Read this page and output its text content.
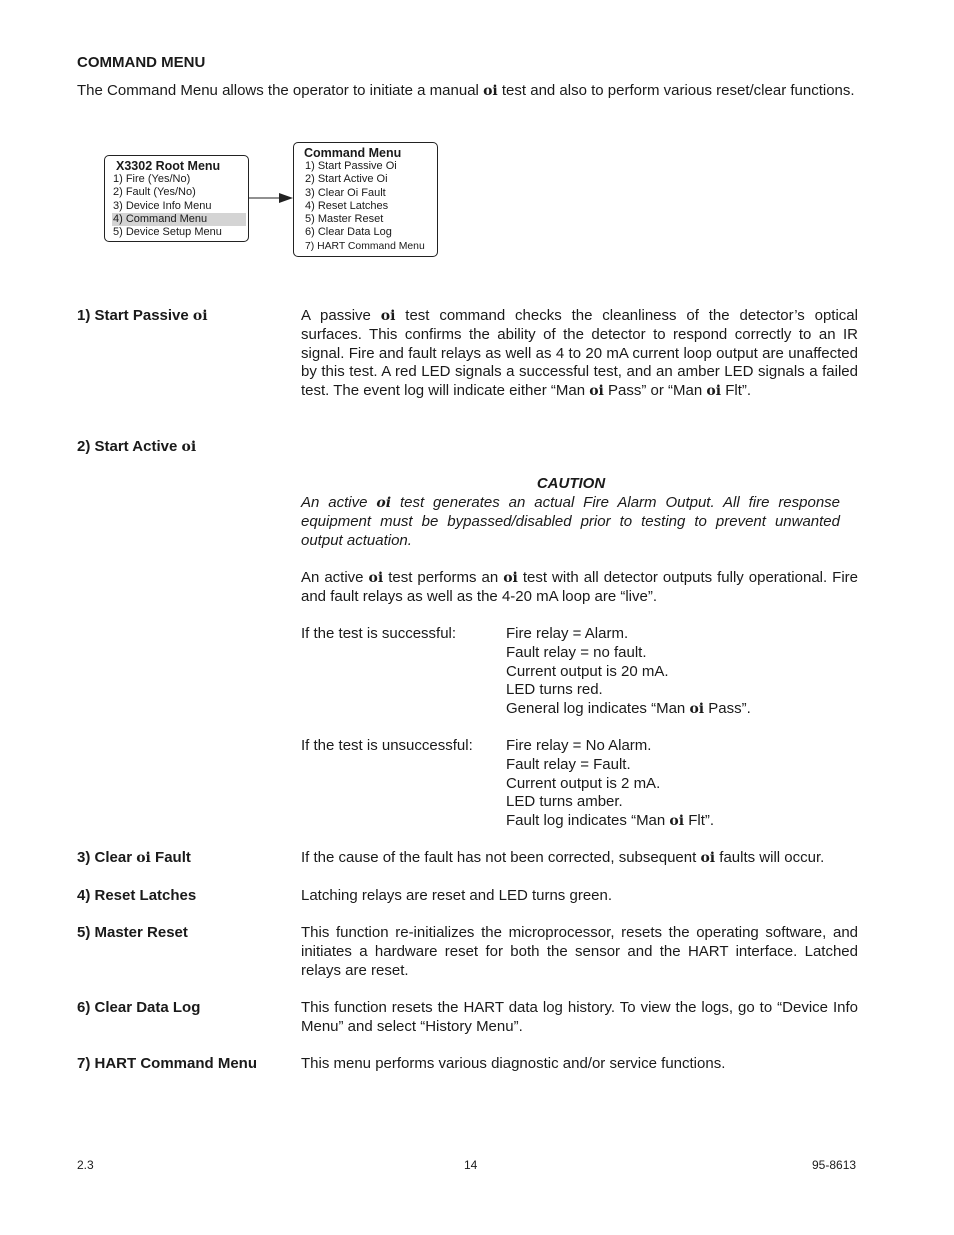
COMMAND MENU
The Command Menu allows the operator to initiate a manual oi test and also to perform various reset/clear functions.
X3302 Root Menu
1) Fire (Yes/No)
2) Fault (Yes/No)
3) Device Info Menu
4) Command Menu
5) Device Setup Menu
Command Menu
1) Start Passive Oi
2) Start Active Oi
3) Clear Oi Fault
4) Reset Latches
5) Master Reset
6) Clear Data Log
7) HART Command Menu
1) Start Passive oi	A passive oi test command checks the cleanliness of the detector’s optical surfaces. This confirms the ability of the detector to respond correctly to an IR signal. Fire and fault relays as well as 4 to 20 mA current loop output are unaffected by this test. A red LED signals a successful test, and an amber LED signals a failed test. The event log will indicate either “Man oi Pass” or “Man oi Flt”.
2) Start Active oi
CAUTION
An active oi test generates an actual Fire Alarm Output. All fire response equipment must be bypassed/disabled prior to testing to prevent unwanted output actuation.
An active oi test performs an oi test with all detector outputs fully operational. Fire and fault relays as well as the 4-20 mA loop are “live”.
If the test is successful:	Fire relay = Alarm.
Fault relay = no fault.
Current output is 20 mA.
LED turns red.
General log indicates “Man oi Pass”.
If the test is unsuccessful: Fire relay = No Alarm.
Fault relay = Fault.
Current output is 2 mA.
LED turns amber.
Fault log indicates “Man oi Flt”.
3) Clear oi Fault	If the cause of the fault has not been corrected, subsequent oi faults will occur.
4) Reset Latches	Latching relays are reset and LED turns green.
5) Master Reset	This function re-initializes the microprocessor, resets the operating software, and initiates a hardware reset for both the sensor and the HART interface. Latched relays are reset.
6) Clear Data Log	This function resets the HART data log history. To view the logs, go to “Device Info Menu” and select “History Menu”.
7) HART Command Menu	This menu performs various diagnostic and/or service functions.
2.3	14	95-8613
